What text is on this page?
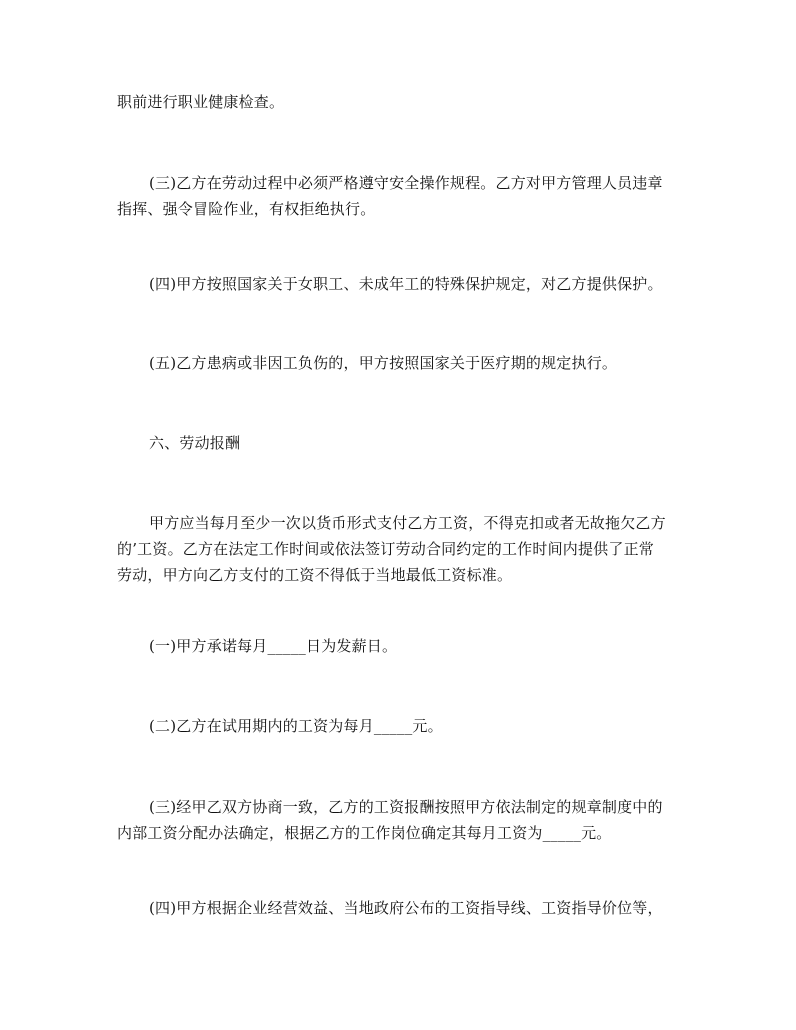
职前进行职业健康检查。

(三)乙方在劳动过程中必须严格遵守安全操作规程。乙方对甲方管理人员违章
指挥、强令冒险作业，有权拒绝执行。

(四)甲方按照国家关于女职工、未成年工的特殊保护规定，对乙方提供保护。

(五)乙方患病或非因工负伤的，甲方按照国家关于医疗期的规定执行。

六、劳动报酬

甲方应当每月至少一次以货币形式支付乙方工资，不得克扣或者无故拖欠乙方
的’工资。乙方在法定工作时间或依法签订劳动合同约定的工作时间内提供了正常
劳动，甲方向乙方支付的工资不得低于当地最低工资标准。

(一)甲方承诺每月_____日为发薪日。

(二)乙方在试用期内的工资为每月_____元。

(三)经甲乙双方协商一致，乙方的工资报酬按照甲方依法制定的规章制度中的
内部工资分配办法确定，根据乙方的工作岗位确定其每月工资为_____元。

(四)甲方根据企业经营效益、当地政府公布的工资指导线、工资指导价位等，
